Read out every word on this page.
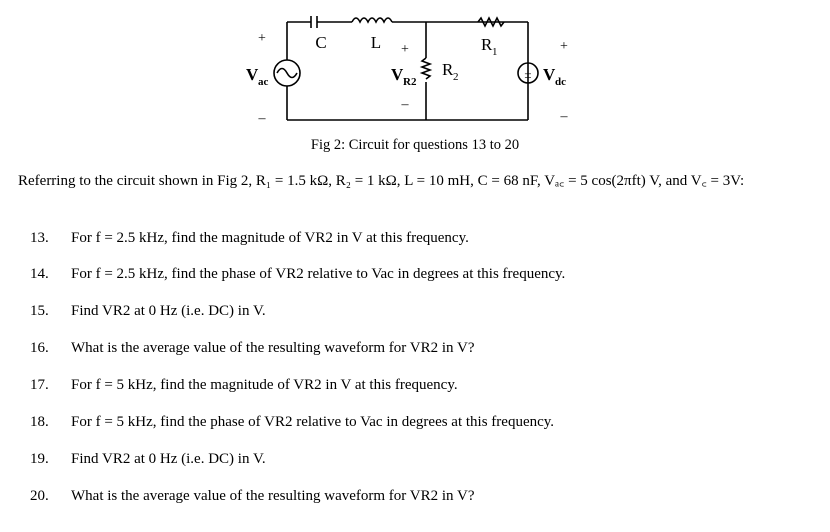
+
–
V ac
C	L +
V R2
–
R 2
R 1	+
± V dc
–
Fig 2: Circuit for questions 13 to 20
Referring to the circuit shown in Fig 2, R₁ = 1.5 kΩ, R₂ = 1 kΩ, L = 10 mH, C = 68 nF, Vₐ꜀ = 5 cos(2πft) V, and V꜀ = 3V:
13. For f = 2.5 kHz, find the magnitude of VR2 in V at this frequency.
14. For f = 2.5 kHz, find the phase of VR2 relative to Vac in degrees at this frequency.
15. Find VR2 at 0 Hz (i.e. DC) in V.
16. What is the average value of the resulting waveform for VR2 in V?
17. For f = 5 kHz, find the magnitude of VR2 in V at this frequency.
18. For f = 5 kHz, find the phase of VR2 relative to Vac in degrees at this frequency.
19. Find VR2 at 0 Hz (i.e. DC) in V.
20. What is the average value of the resulting waveform for VR2 in V?
